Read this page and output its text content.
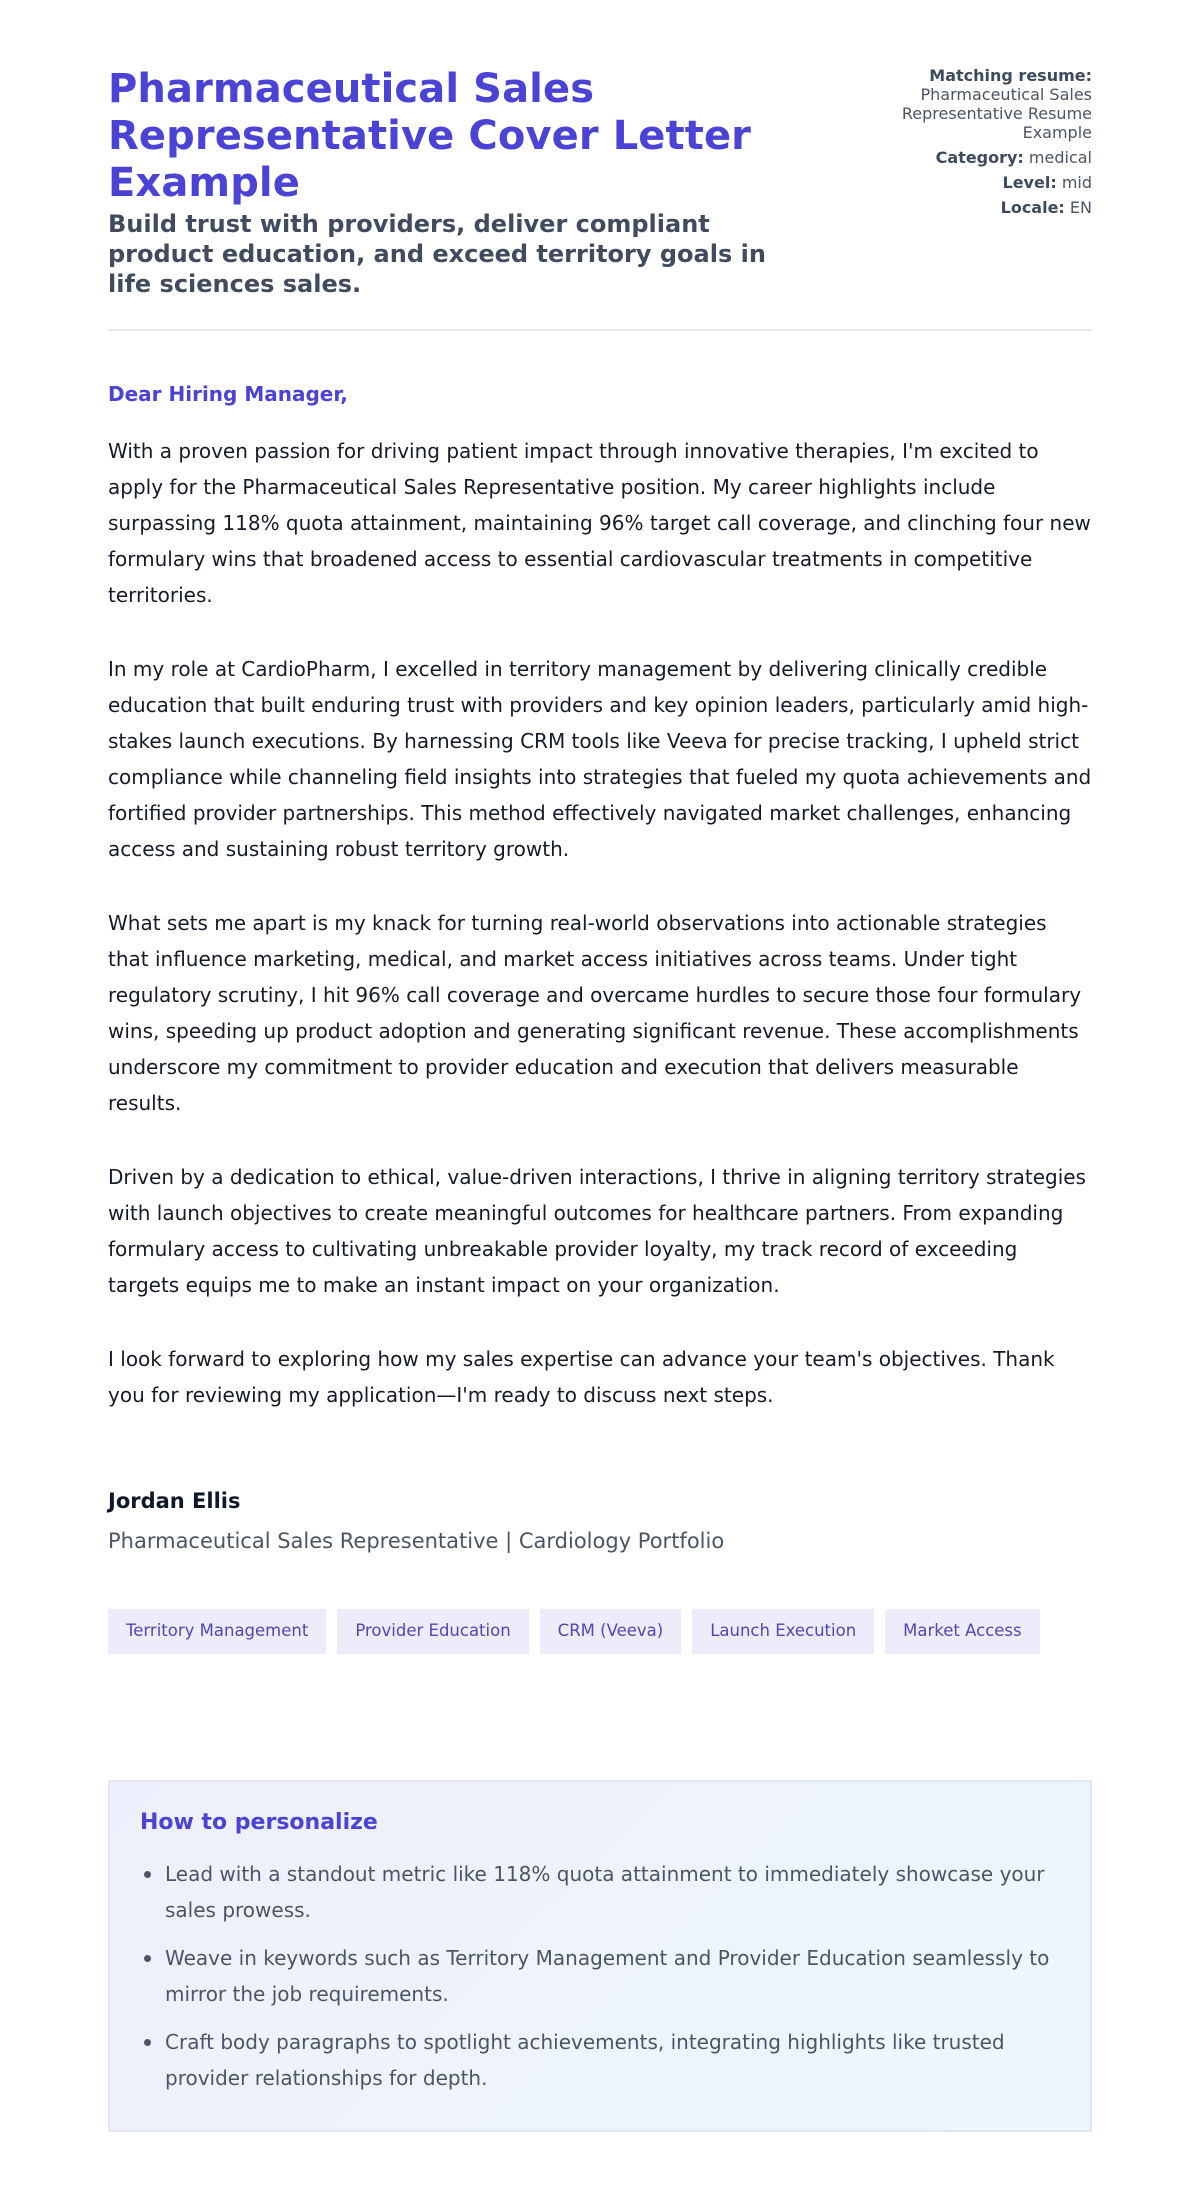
Pharmaceutical Sales Representative Cover Letter Example

Build trust with providers, deliver compliant product education, and exceed territory goals in life sciences sales.

Matching resume:
Pharmaceutical Sales Representative Resume Example
Category: medical
Level: mid
Locale: EN
Dear Hiring Manager,

With a proven passion for driving patient impact through innovative therapies, I'm excited to apply for the Pharmaceutical Sales Representative position. My career highlights include surpassing 118% quota attainment, maintaining 96% target call coverage, and clinching four new formulary wins that broadened access to essential cardiovascular treatments in competitive territories.

In my role at CardioPharm, I excelled in territory management by delivering clinically credible education that built enduring trust with providers and key opinion leaders, particularly amid high-stakes launch executions. By harnessing CRM tools like Veeva for precise tracking, I upheld strict compliance while channeling field insights into strategies that fueled my quota achievements and fortified provider partnerships. This method effectively navigated market challenges, enhancing access and sustaining robust territory growth.

What sets me apart is my knack for turning real-world observations into actionable strategies that influence marketing, medical, and market access initiatives across teams. Under tight regulatory scrutiny, I hit 96% call coverage and overcame hurdles to secure those four formulary wins, speeding up product adoption and generating significant revenue. These accomplishments underscore my commitment to provider education and execution that delivers measurable results.

Driven by a dedication to ethical, value-driven interactions, I thrive in aligning territory strategies with launch objectives to create meaningful outcomes for healthcare partners. From expanding formulary access to cultivating unbreakable provider loyalty, my track record of exceeding targets equips me to make an instant impact on your organization.

I look forward to exploring how my sales expertise can advance your team's objectives. Thank you for reviewing my application—I'm ready to discuss next steps.

Jordan Ellis
Pharmaceutical Sales Representative | Cardiology Portfolio
Territory Management	Provider Education	CRM (Veeva)	Launch Execution	Market Access
How to personalize
Lead with a standout metric like 118% quota attainment to immediately showcase your sales prowess.
Weave in keywords such as Territory Management and Provider Education seamlessly to mirror the job requirements.
Craft body paragraphs to spotlight achievements, integrating highlights like trusted provider relationships for depth.
